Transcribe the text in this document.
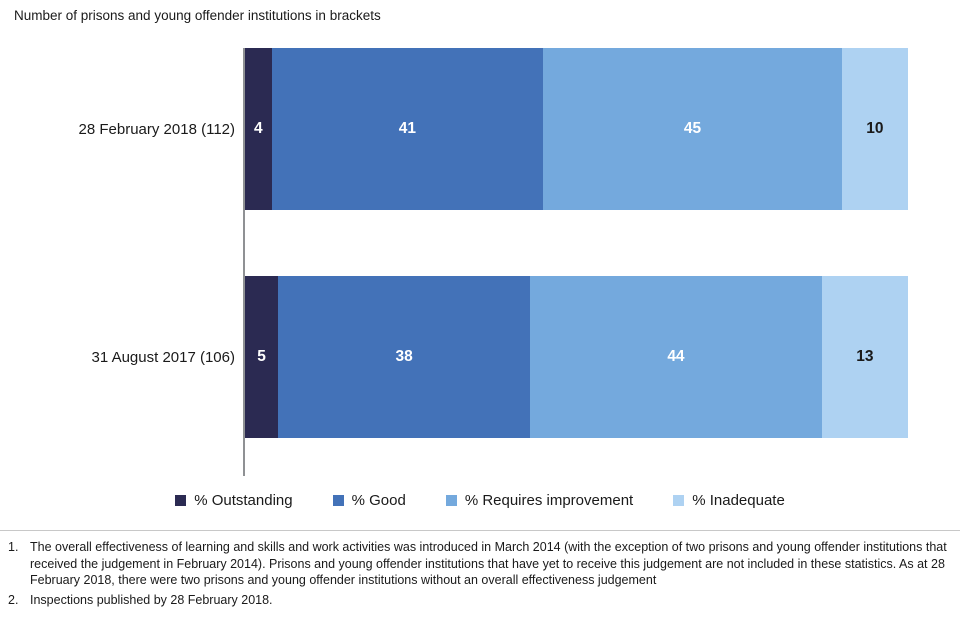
Number of prisons and young offender institutions in brackets
28 February 2018 (112) 4	41	45	10
31 August 2017 (106) 5	38	44	13
% Outstanding	% Good	% Requires improvement	% Inadequate
1. The overall effectiveness of learning and skills and work activities was introduced in March 2014 (with the exception of two prisons and young offender institutions that received the judgement in February 2014). Prisons and young offender institutions that have yet to receive this judgement are not included in these statistics. As at 28 February 2018, there were two prisons and young offender institutions without an overall effectiveness judgement
2. Inspections published by 28 February 2018.
